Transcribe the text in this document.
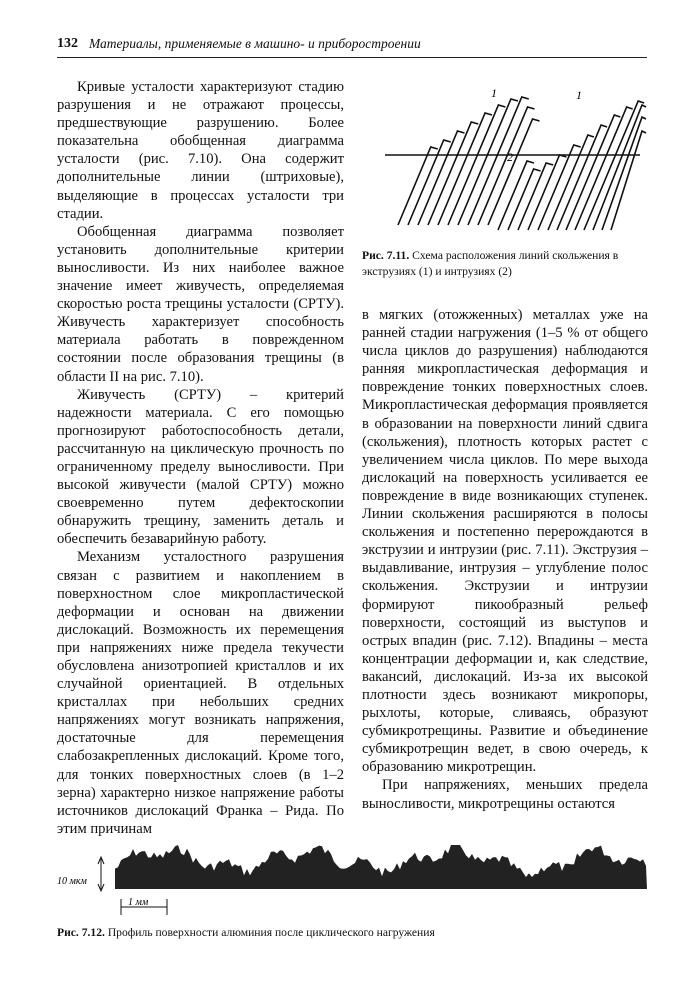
132 Материалы, применяемые в машино- и приборостроении

Кривые усталости характеризуют стадию разрушения и не отражают процессы, предшествующие разрушению. Более показательна обобщенная диаграмма усталости (рис. 7.10). Она содержит дополнительные линии (штриховые), выделяющие в процессах усталости три стадии.

Обобщенная диаграмма позволяет установить дополнительные критерии выносливости. Из них наиболее важное значение имеет живучесть, определяемая скоростью роста трещины усталости (СРТУ). Живучесть характеризует способность материала работать в поврежденном состоянии после образования трещины (в области II на рис. 7.10).

Живучесть (СРТУ) – критерий надежности материала. С его помощью прогнозируют работоспособность детали, рассчитанную на циклическую прочность по ограниченному пределу выносливости. При высокой живучести (малой СРТУ) можно своевременно путем дефектоскопии обнаружить трещину, заменить деталь и обеспечить безаварийную работу.

Механизм усталостного разрушения связан с развитием и накоплением в поверхностном слое микропластической деформации и основан на движении дислокаций. Возможность их перемещения при напряжениях ниже предела текучести обусловлена анизотропией кристаллов и их случайной ориентацией. В отдельных кристаллах при небольших средних напряжениях могут возникать напряжения, достаточные для перемещения слабозакрепленных дислокаций. Кроме того, для тонких поверхностных слоев (в 1–2 зерна) характерно низкое напряжение работы источников дислокаций Франка – Рида. По этим причинам

1	1
2
Рис. 7.11. Схема расположения линий скольжения в экструзиях (1) и интрузиях (2)

в мягких (отожженных) металлах уже на ранней стадии нагружения (1–5 % от общего числа циклов до разрушения) наблюдаются ранняя микропластическая деформация и повреждение тонких поверхностных слоев. Микропластическая деформация проявляется в образовании на поверхности линий сдвига (скольжения), плотность которых растет с увеличением числа циклов. По мере выхода дислокаций на поверхность усиливается ее повреждение в виде возникающих ступенек. Линии скольжения расширяются в полосы скольжения и постепенно перерождаются в экструзии и интрузии (рис. 7.11). Экструзия – выдавливание, интрузия – углубление полос скольжения. Экструзии и интрузии формируют пикообразный рельеф поверхности, состоящий из выступов и острых впадин (рис. 7.12). Впадины – места концентрации деформации и, как следствие, вакансий, дислокаций. Из-за их высокой плотности здесь возникают микропоры, рыхлоты, которые, сливаясь, образуют субмикротрещины. Развитие и объединение субмикротрещин ведет, в свою очередь, к образованию микротрещин.

При напряжениях, меньших предела выносливости, микротрещины остаются

10 мкм
1 мм
Рис. 7.12. Профиль поверхности алюминия после циклического нагружения
